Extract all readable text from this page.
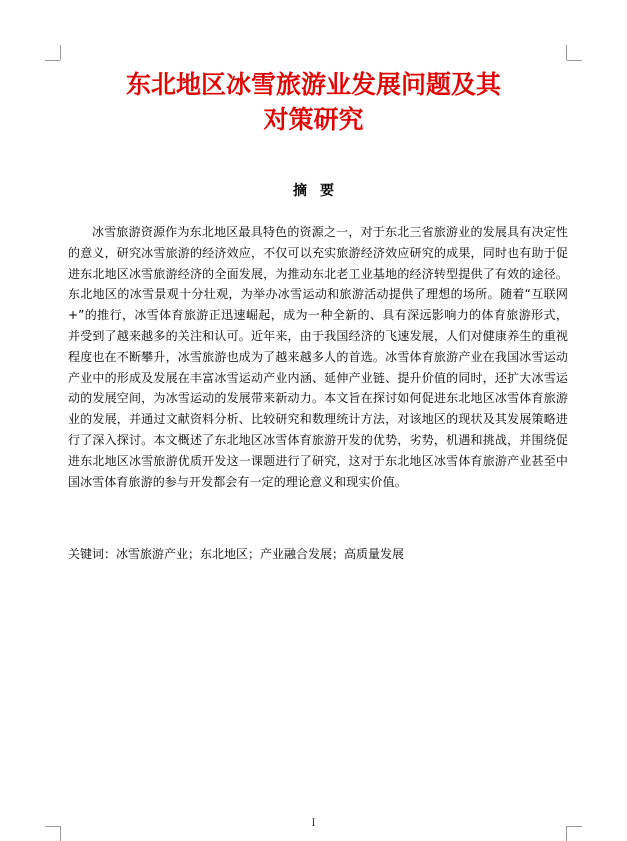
东北地区冰雪旅游业发展问题及其
对策研究
摘要

冰雪旅游资源作为东北地区最具特色的资源之一，对于东北三省旅游业的发展具有决定性的意义，研究冰雪旅游的经济效应，不仅可以充实旅游经济效应研究的成果，同时也有助于促进东北地区冰雪旅游经济的全面发展，为推动东北老工业基地的经济转型提供了有效的途径。东北地区的冰雪景观十分壮观，为举办冰雪运动和旅游活动提供了理想的场所。随着“互联网+”的推行，冰雪体育旅游正迅速崛起，成为一种全新的、具有深远影响力的体育旅游形式，并受到了越来越多的关注和认可。近年来，由于我国经济的飞速发展，人们对健康养生的重视程度也在不断攀升，冰雪旅游也成为了越来越多人的首选。冰雪体育旅游产业在我国冰雪运动产业中的形成及发展在丰富冰雪运动产业内涵、延伸产业链、提升价值的同时，还扩大冰雪运动的发展空间，为冰雪运动的发展带来新动力。本文旨在探讨如何促进东北地区冰雪体育旅游业的发展，并通过文献资料分析、比较研究和数理统计方法，对该地区的现状及其发展策略进行了深入探讨。本文概述了东北地区冰雪体育旅游开发的优势，劣势，机遇和挑战，并围绕促进东北地区冰雪旅游优质开发这一课题进行了研究，这对于东北地区冰雪体育旅游产业甚至中国冰雪体育旅游的参与开发都会有一定的理论意义和现实价值。

关键词：冰雪旅游产业；东北地区；产业融合发展；高质量发展

I
